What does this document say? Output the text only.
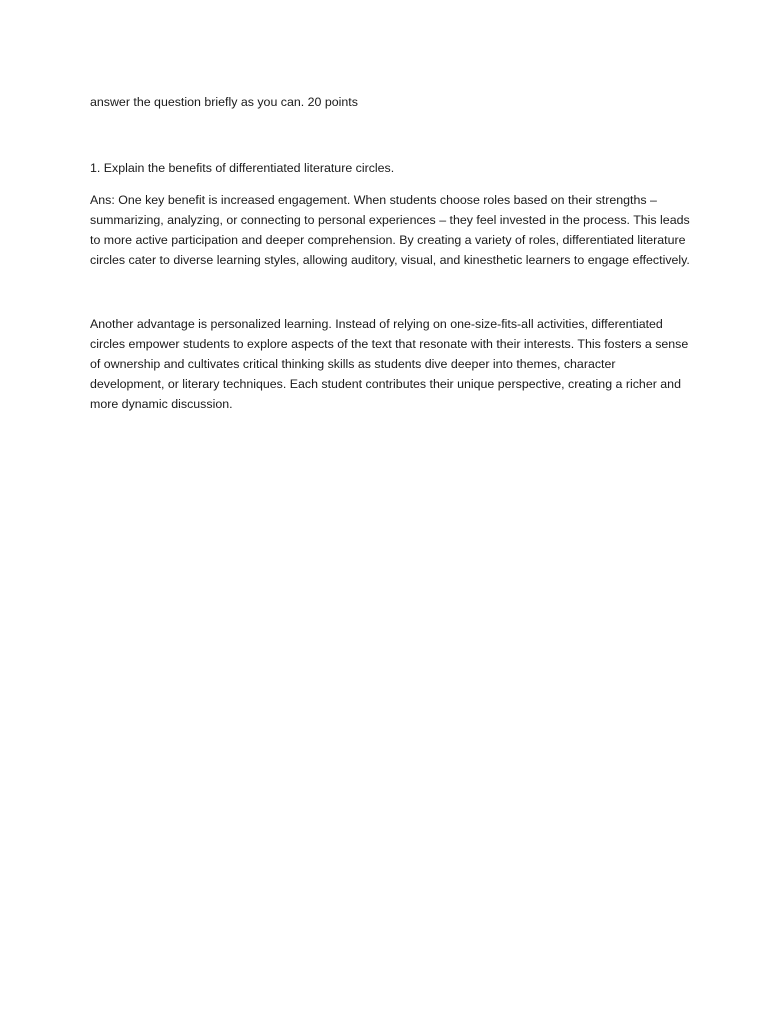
answer the question briefly as you can. 20 points

1. Explain the benefits of differentiated literature circles.

Ans: One key benefit is increased engagement. When students choose roles based on their strengths – summarizing, analyzing, or connecting to personal experiences – they feel invested in the process. This leads to more active participation and deeper comprehension. By creating a variety of roles, differentiated literature circles cater to diverse learning styles, allowing auditory, visual, and kinesthetic learners to engage effectively.

Another advantage is personalized learning. Instead of relying on one-size-fits-all activities, differentiated circles empower students to explore aspects of the text that resonate with their interests. This fosters a sense of ownership and cultivates critical thinking skills as students dive deeper into themes, character development, or literary techniques. Each student contributes their unique perspective, creating a richer and more dynamic discussion.
